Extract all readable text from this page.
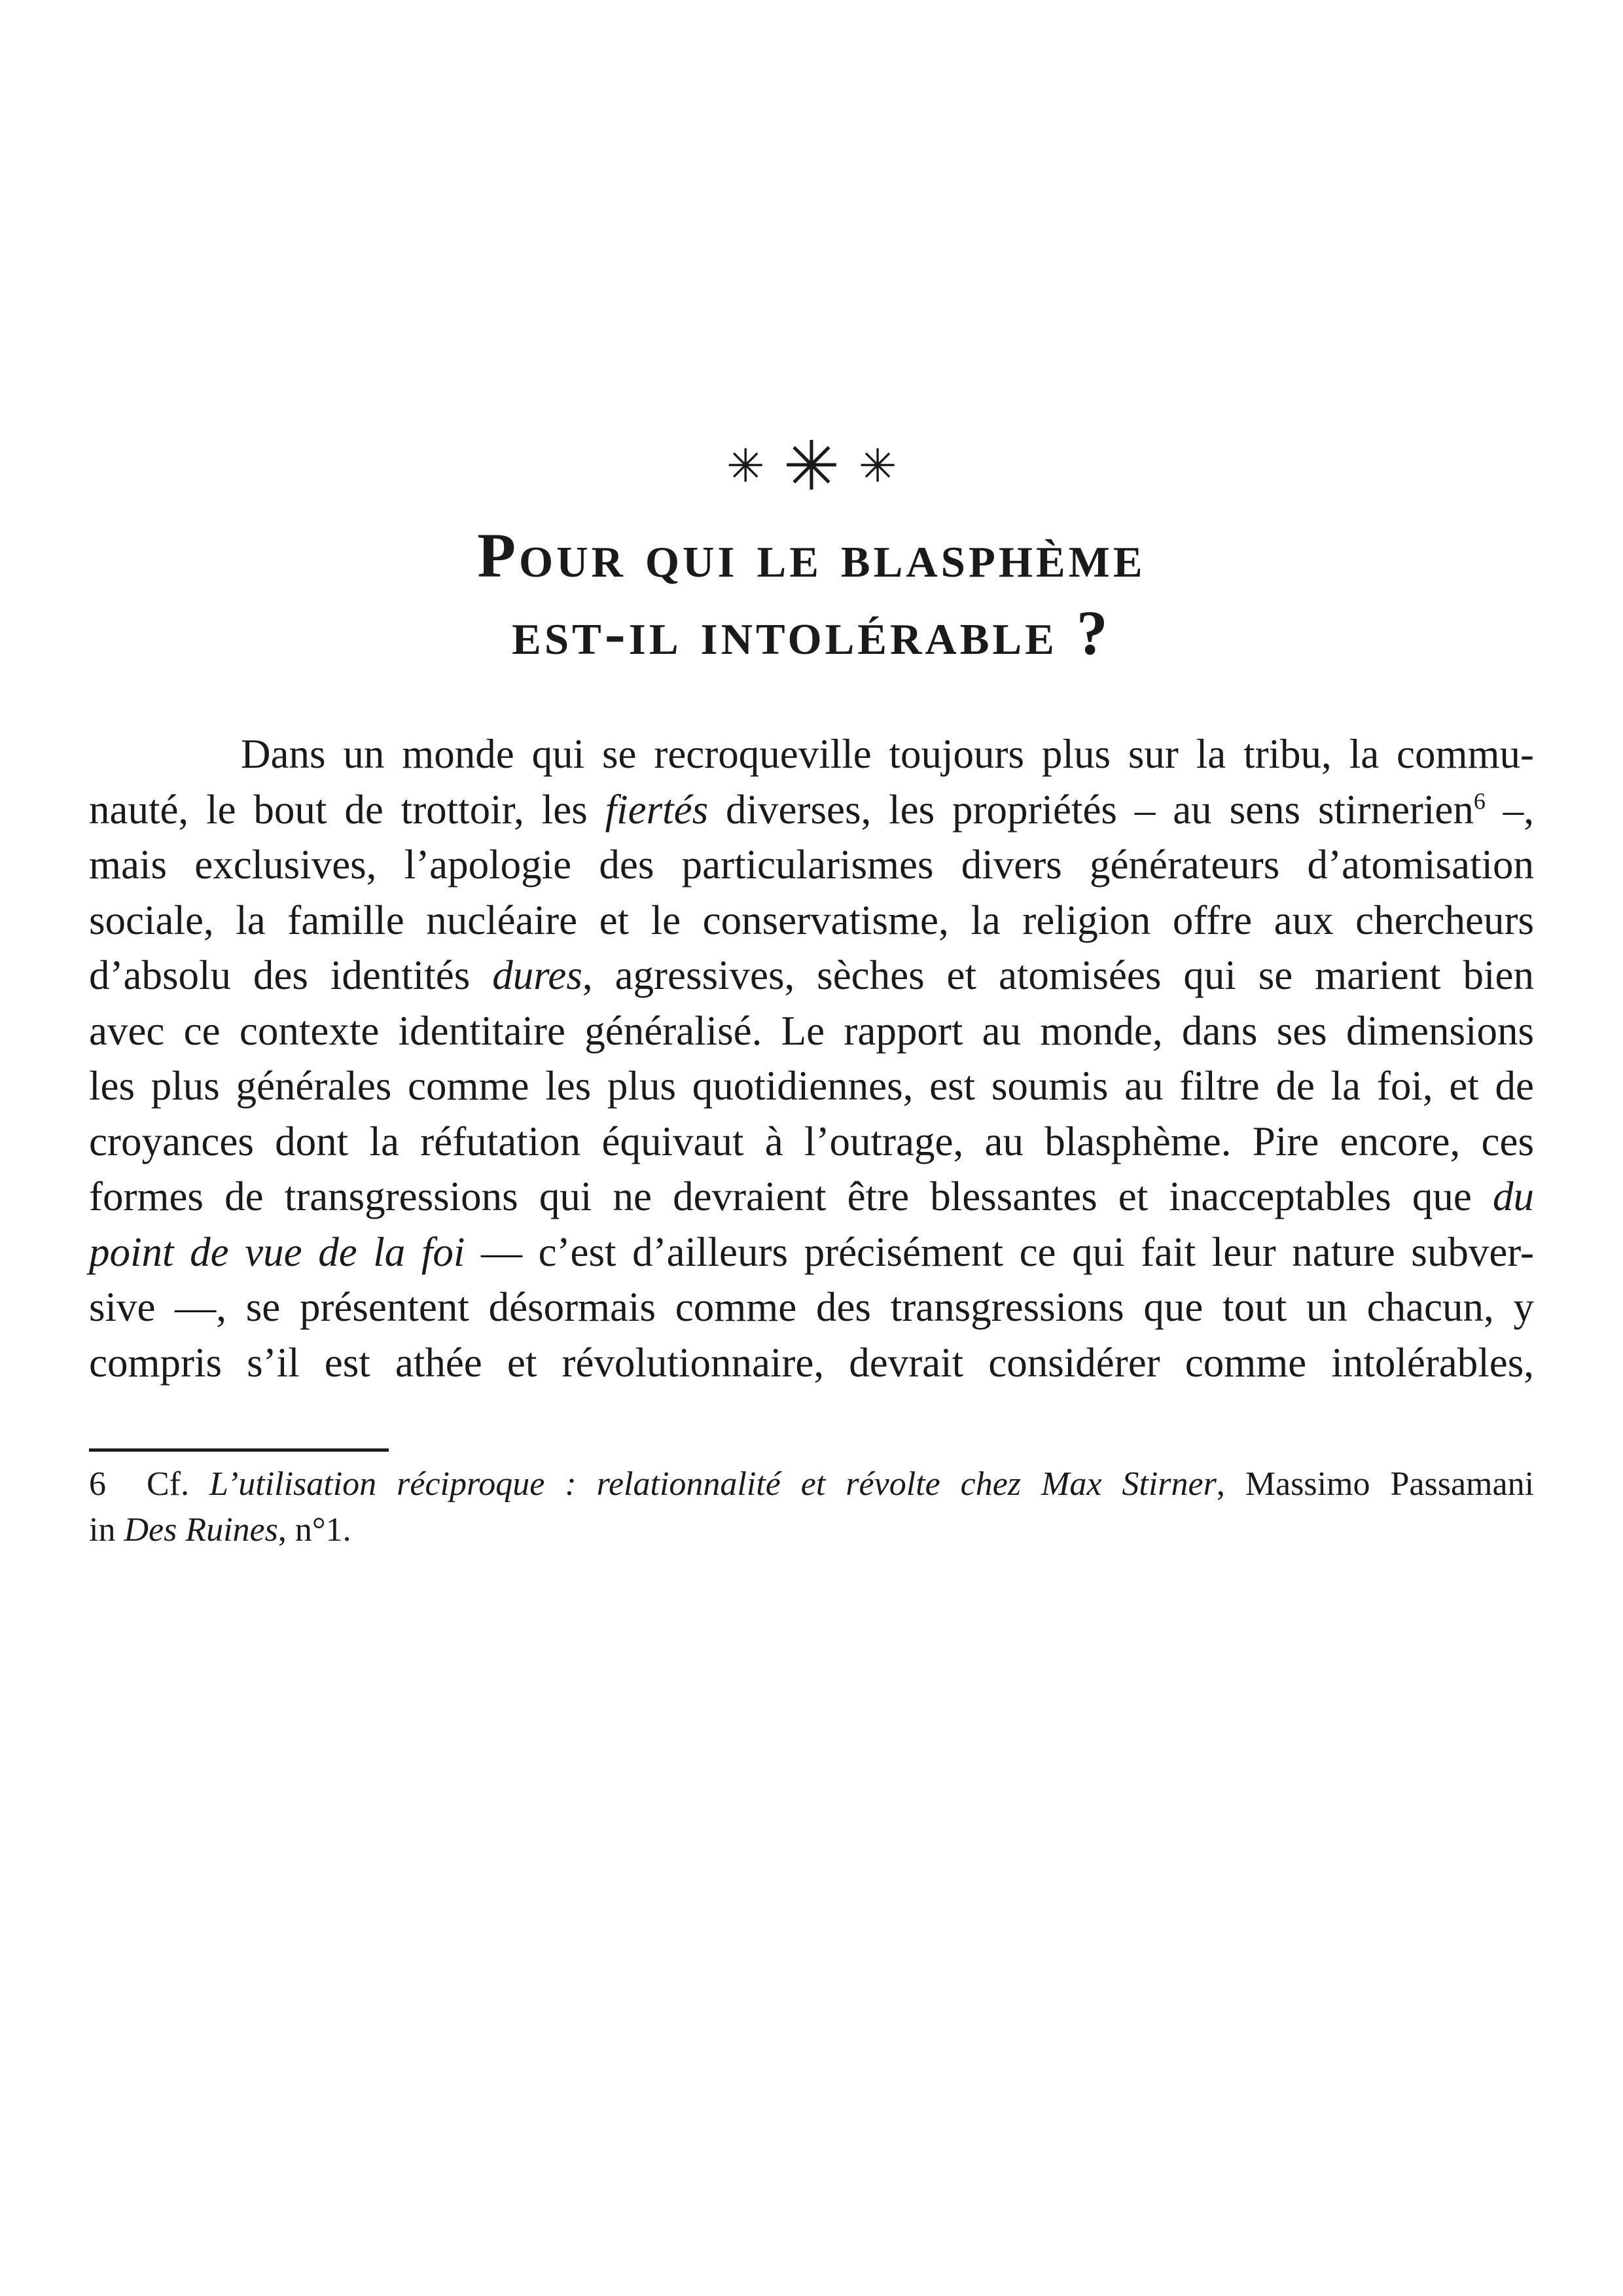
✳ ✳ ✳
Pour qui le blasphème
est-il intolérable ?
Dans un monde qui se recroqueville toujours plus sur la tribu, la commu-
nauté, le bout de trottoir, les fiertés diverses, les propriétés – au sens stirnerien$^6$ –,
mais exclusives, l’apologie des particularismes divers générateurs d’atomisation
sociale, la famille nucléaire et le conservatisme, la religion offre aux chercheurs
d’absolu des identités dures, agressives, sèches et atomisées qui se marient bien
avec ce contexte identitaire généralisé. Le rapport au monde, dans ses dimensions
les plus générales comme les plus quotidiennes, est soumis au filtre de la foi, et de
croyances dont la réfutation équivaut à l’outrage, au blasphème. Pire encore, ces
formes de transgressions qui ne devraient être blessantes et inacceptables que du
point de vue de la foi — c’est d’ailleurs précisément ce qui fait leur nature subver-
sive —, se présentent désormais comme des transgressions que tout un chacun, y
compris s’il est athée et révolutionnaire, devrait considérer comme intolérables,
6 Cf. L’utilisation réciproque : relationnalité et révolte chez Max Stirner, Massimo Passamani
in Des Ruines, n°1.
